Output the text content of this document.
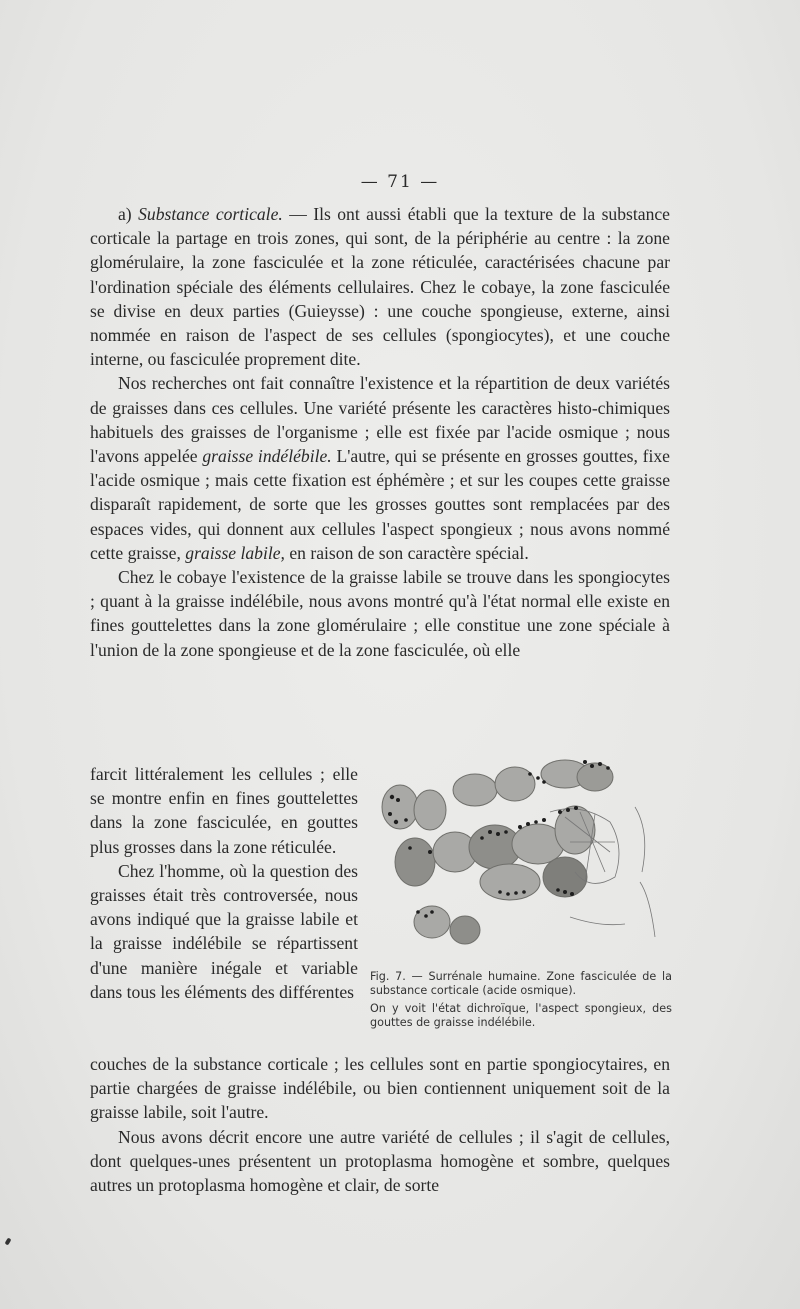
— 71 —

a) Substance corticale. — Ils ont aussi établi que la texture de la substance corticale la partage en trois zones, qui sont, de la périphérie au centre : la zone glomérulaire, la zone fasciculée et la zone réticulée, caractérisées chacune par l'ordination spéciale des éléments cellulaires. Chez le cobaye, la zone fasciculée se divise en deux parties (Guieysse) : une couche spongieuse, externe, ainsi nommée en raison de l'aspect de ses cellules (spongiocytes), et une couche interne, ou fasciculée proprement dite.

Nos recherches ont fait connaître l'existence et la répartition de deux variétés de graisses dans ces cellules. Une variété présente les caractères histo-chimiques habituels des graisses de l'organisme ; elle est fixée par l'acide osmique ; nous l'avons appelée graisse indélébile. L'autre, qui se présente en grosses gouttes, fixe l'acide osmique ; mais cette fixation est éphémère ; et sur les coupes cette graisse disparaît rapidement, de sorte que les grosses gouttes sont remplacées par des espaces vides, qui donnent aux cellules l'aspect spongieux ; nous avons nommé cette graisse, graisse labile, en raison de son caractère spécial.

Chez le cobaye l'existence de la graisse labile se trouve dans les spongiocytes ; quant à la graisse indélébile, nous avons montré qu'à l'état normal elle existe en fines gouttelettes dans la zone glomérulaire ; elle constitue une zone spéciale à l'union de la zone spongieuse et de la zone fasciculée, où elle

farcit littéralement les cellules ; elle se montre enfin en fines gouttelettes dans la zone fasciculée, en gouttes plus grosses dans la zone réticulée.

Chez l'homme, où la question des graisses était très controversée, nous avons indiqué que la graisse labile et la graisse indélébile se répartissent d'une manière inégale et variable dans tous les éléments des différentes

Fig. 7. — Surrénale humaine. Zone fasciculée de la substance corticale (acide osmique).
On y voit l'état dichroïque, l'aspect spongieux, des gouttes de graisse indélébile.

couches de la substance corticale ; les cellules sont en partie spongiocytaires, en partie chargées de graisse indélébile, ou bien contiennent uniquement soit de la graisse labile, soit l'autre.

Nous avons décrit encore une autre variété de cellules ; il s'agit de cellules, dont quelques-unes présentent un protoplasma homogène et sombre, quelques autres un protoplasma homogène et clair, de sorte
